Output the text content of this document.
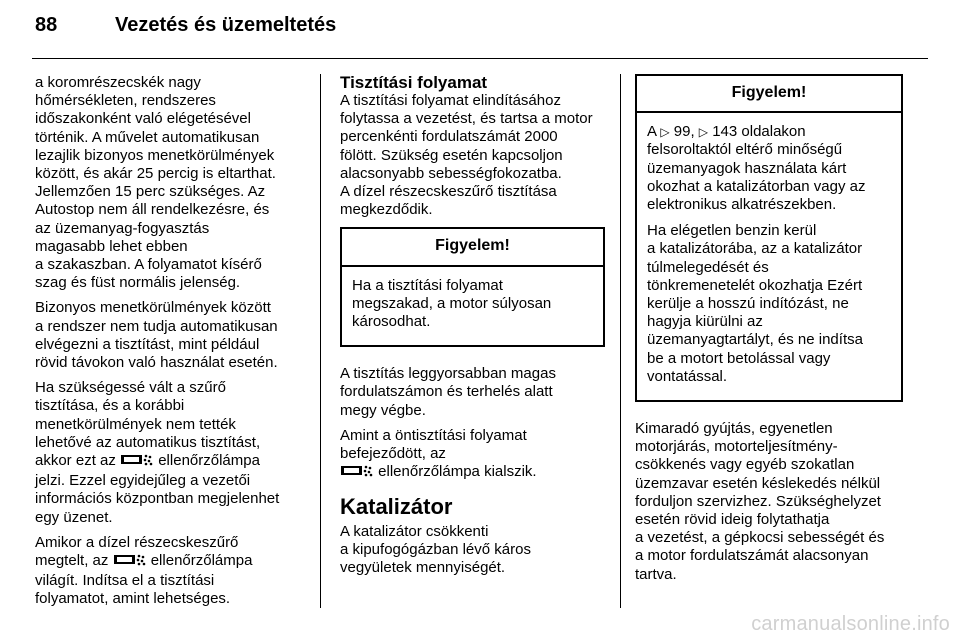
88	Vezetés és üzemeltetés

a koromrészecskék nagy
hőmérsékleten, rendszeres
időszakonként való elégetésével
történik. A művelet automatikusan
lezajlik bizonyos menetkörülmények
között, és akár 25 percig is eltarthat.
Jellemzően 15 perc szükséges. Az
Autostop nem áll rendelkezésre, és
az üzemanyag-fogyasztás
magasabb lehet ebben
a szakaszban. A folyamatot kísérő
szag és füst normális jelenség.

Bizonyos menetkörülmények között
a rendszer nem tudja automatikusan
elvégezni a tisztítást, mint például
rövid távokon való használat esetén.

Ha szükségessé vált a szűrő
tisztítása, és a korábbi
menetkörülmények nem tették
lehetővé az automatikus tisztítást,
akkor ezt az	ellenőrzőlámpa
jelzi. Ezzel egyidejűleg a vezetői
információs központban megjelenhet
egy üzenet.

Amikor a dízel részecskeszűrő
megtelt, az	ellenőrzőlámpa
világít. Indítsa el a tisztítási
folyamatot, amint lehetséges.

Tisztítási folyamat

A tisztítási folyamat elindításához
folytassa a vezetést, és tartsa a motor
percenkénti fordulatszámát 2000
fölött. Szükség esetén kapcsoljon
alacsonyabb sebességfokozatba.
A dízel részecskeszűrő tisztítása
megkezdődik.

Figyelem!

Ha a tisztítási folyamat
megszakad, a motor súlyosan
károsodhat.

A tisztítás leggyorsabban magas
fordulatszámon és terhelés alatt
megy végbe.

Amint a öntisztítási folyamat
befejeződött, az
ellenőrzőlámpa kialszik.

Katalizátor

A katalizátor csökkenti
a kipufogógázban lévő káros
vegyületek mennyiségét.

Figyelem!

A ▷ 99, ▷ 143 oldalakon
felsoroltaktól eltérő minőségű
üzemanyagok használata kárt
okozhat a katalizátorban vagy az
elektronikus alkatrészekben.

Ha elégetlen benzin kerül
a katalizátorába, az a katalizátor
túlmelegedését és
tönkremenetelét okozhatja Ezért
kerülje a hosszú indítózást, ne
hagyja kiürülni az
üzemanyagtartályt, és ne indítsa
be a motort betolással vagy
vontatással.

Kimaradó gyújtás, egyenetlen
motorjárás, motorteljesítmény-
csökkenés vagy egyéb szokatlan
üzemzavar esetén késlekedés nélkül
forduljon szervizhez. Szükséghelyzet
esetén rövid ideig folytathatja
a vezetést, a gépkocsi sebességét és
a motor fordulatszámát alacsonyan
tartva.

carmanualsonline.info
